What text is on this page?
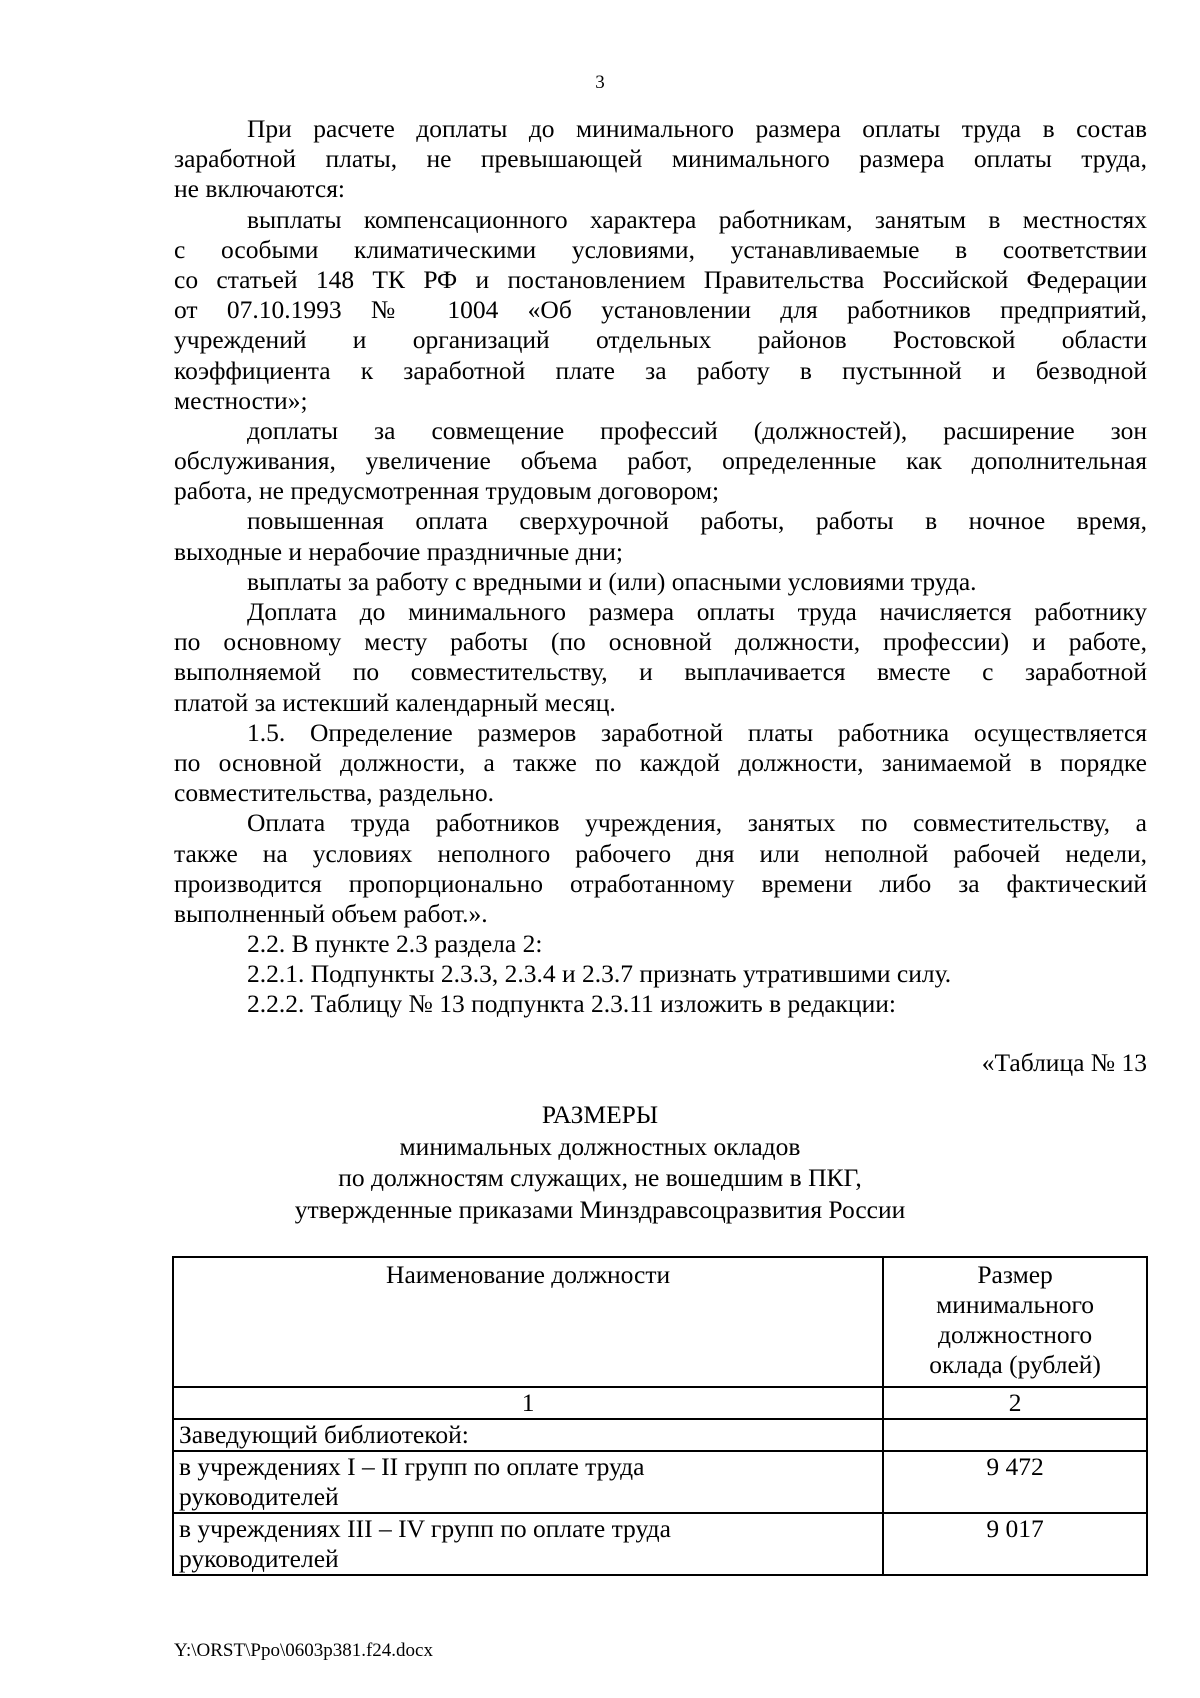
3
При расчете доплаты до минимального размера оплаты труда в состав
заработной платы, не превышающей минимального размера оплаты труда,
не включаются:
выплаты компенсационного характера работникам, занятым в местностях
с особыми климатическими условиями, устанавливаемые в соответствии
со статьей 148 ТК РФ и постановлением Правительства Российской Федерации
от 07.10.1993 № 1004 «Об установлении для работников предприятий,
учреждений и организаций отдельных районов Ростовской области
коэффициента к заработной плате за работу в пустынной и безводной
местности»;
доплаты за совмещение профессий (должностей), расширение зон
обслуживания, увеличение объема работ, определенные как дополнительная
работа, не предусмотренная трудовым договором;
повышенная оплата сверхурочной работы, работы в ночное время,
выходные и нерабочие праздничные дни;
выплаты за работу с вредными и (или) опасными условиями труда.
Доплата до минимального размера оплаты труда начисляется работнику
по основному месту работы (по основной должности, профессии) и работе,
выполняемой по совместительству, и выплачивается вместе с заработной
платой за истекший календарный месяц.
1.5. Определение размеров заработной платы работника осуществляется
по основной должности, а также по каждой должности, занимаемой в порядке
совместительства, раздельно.
Оплата труда работников учреждения, занятых по совместительству, а
также на условиях неполного рабочего дня или неполной рабочей недели,
производится пропорционально отработанному времени либо за фактический
выполненный объем работ.».
2.2. В пункте 2.3 раздела 2:
2.2.1. Подпункты 2.3.3, 2.3.4 и 2.3.7 признать утратившими силу.
2.2.2. Таблицу № 13 подпункта 2.3.11 изложить в редакции:
«Таблица № 13
РАЗМЕРЫ
минимальных должностных окладов
по должностям служащих, не вошедшим в ПКГ,
утвержденные приказами Минздравсоцразвития России
Наименование должности	Размер
минимального
должностного
оклада (рублей)

1	2
Заведующий библиотекой:	

в учреждениях I – II групп по оплате труда
руководителей	9 472

в учреждениях III – IV групп по оплате труда
руководителей	9 017
Y:\ORST\Ppo\0603p381.f24.docx
